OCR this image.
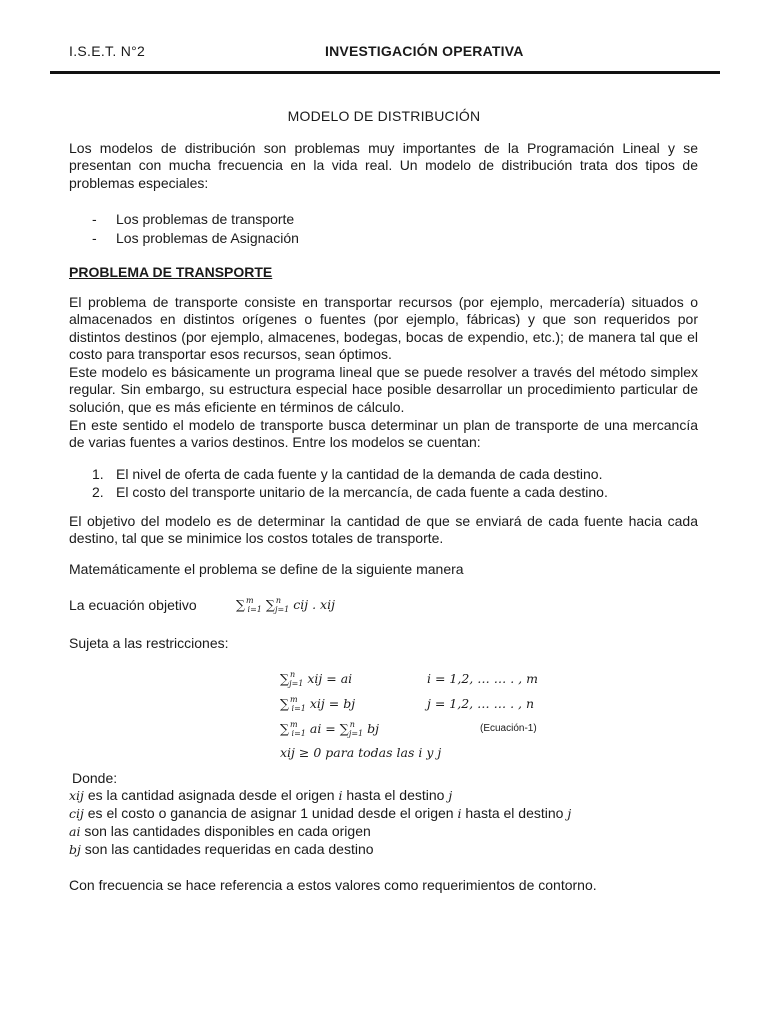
I.S.E.T. N°2	INVESTIGACIÓN OPERATIVA
MODELO DE DISTRIBUCIÓN
Los modelos de distribución son problemas muy importantes de la Programación Lineal y se presentan con mucha frecuencia en la vida real. Un modelo de distribución trata dos tipos de problemas especiales:
- Los problemas de transporte
- Los problemas de Asignación
PROBLEMA DE TRANSPORTE
El problema de transporte consiste en transportar recursos (por ejemplo, mercadería) situados o almacenados en distintos orígenes o fuentes (por ejemplo, fábricas) y que son requeridos por distintos destinos (por ejemplo, almacenes, bodegas, bocas de expendio, etc.); de manera tal que el costo para transportar esos recursos, sean óptimos.
Este modelo es básicamente un programa lineal que se puede resolver a través del método simplex regular. Sin embargo, su estructura especial hace posible desarrollar un procedimiento particular de solución, que es más eficiente en términos de cálculo.
En este sentido el modelo de transporte busca determinar un plan de transporte de una mercancía de varias fuentes a varios destinos. Entre los modelos se cuentan:
1. El nivel de oferta de cada fuente y la cantidad de la demanda de cada destino.
2. El costo del transporte unitario de la mercancía, de cada fuente a cada destino.
El objetivo del modelo es de determinar la cantidad de que se enviará de cada fuente hacia cada destino, tal que se minimice los costos totales de transporte.
Matemáticamente el problema se define de la siguiente manera
La ecuación objetivo	∑$^m_{i=1}$ ∑$^n_{j=1}$ cij . xij
Sujeta a las restricciones:
∑$^n_{j=1}$ xij = ai	i = 1,2, … … . , m
∑$^m_{i=1}$ xij = bj	j = 1,2, … … . , n
∑$^m_{i=1}$ ai = ∑$^n_{j=1}$ bj	(Ecuación-1)
xij ≥ 0 para todas las i y j
Donde:
xij es la cantidad asignada desde el origen i hasta el destino j
cij es el costo o ganancia de asignar 1 unidad desde el origen i hasta el destino j
ai son las cantidades disponibles en cada origen
bj son las cantidades requeridas en cada destino
Con frecuencia se hace referencia a estos valores como requerimientos de contorno.
